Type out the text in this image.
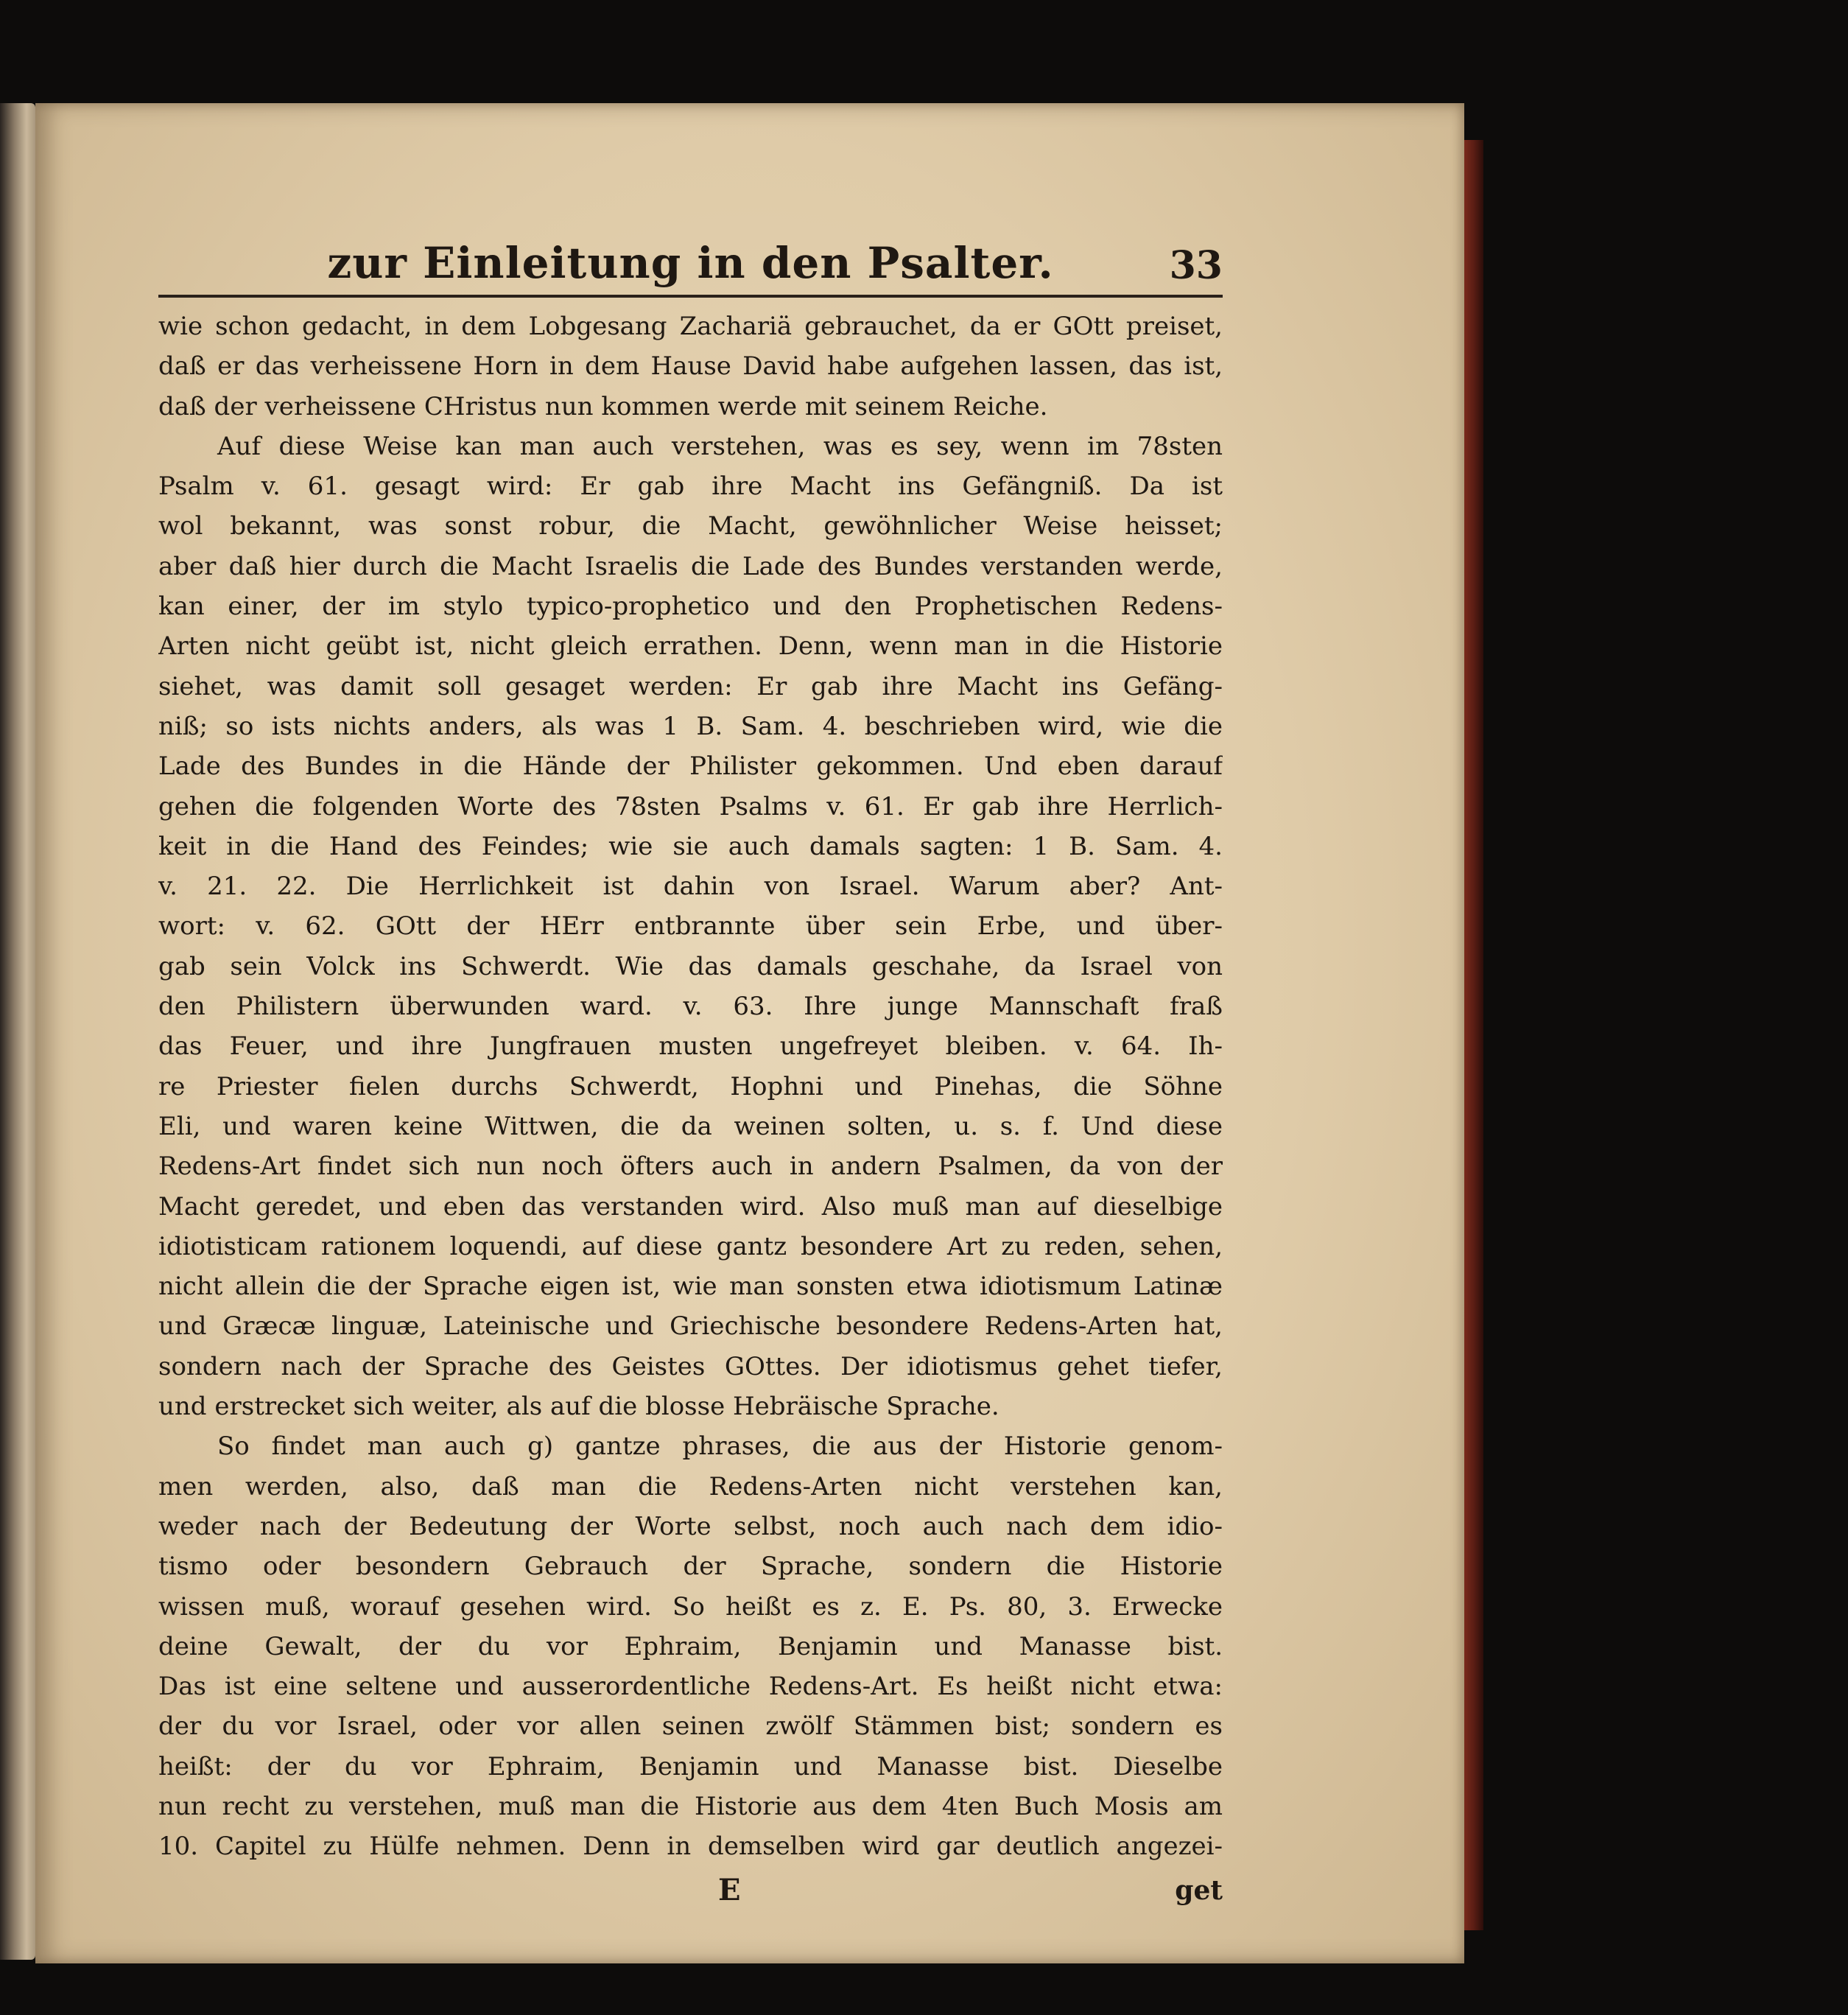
zur Einleitung in den Psalter.	33
wie schon gedacht, in dem Lobgesang Zachariä gebrauchet, da er GOtt preiset,
daß er das verheissene Horn in dem Hause David habe aufgehen lassen, das ist,
daß der verheissene CHristus nun kommen werde mit seinem Reiche.
Auf diese Weise kan man auch verstehen, was es sey, wenn im 78sten
Psalm v. 61. gesagt wird: Er gab ihre Macht ins Gefängniß. Da ist
wol bekannt, was sonst robur, die Macht, gewöhnlicher Weise heisset;
aber daß hier durch die Macht Israelis die Lade des Bundes verstanden werde,
kan einer, der im stylo typico-prophetico und den Prophetischen Redens-
Arten nicht geübt ist, nicht gleich errathen. Denn, wenn man in die Historie
siehet, was damit soll gesaget werden: Er gab ihre Macht ins Gefäng-
niß; so ists nichts anders, als was 1 B. Sam. 4. beschrieben wird, wie die
Lade des Bundes in die Hände der Philister gekommen. Und eben darauf
gehen die folgenden Worte des 78sten Psalms v. 61. Er gab ihre Herrlich-
keit in die Hand des Feindes; wie sie auch damals sagten: 1 B. Sam. 4.
v. 21. 22. Die Herrlichkeit ist dahin von Israel. Warum aber? Ant-
wort: v. 62. GOtt der HErr entbrannte über sein Erbe, und über-
gab sein Volck ins Schwerdt. Wie das damals geschahe, da Israel von
den Philistern überwunden ward. v. 63. Ihre junge Mannschaft fraß
das Feuer, und ihre Jungfrauen musten ungefreyet bleiben. v. 64. Ih-
re Priester fielen durchs Schwerdt, Hophni und Pinehas, die Söhne
Eli, und waren keine Wittwen, die da weinen solten, u. s. f. Und diese
Redens-Art findet sich nun noch öfters auch in andern Psalmen, da von der
Macht geredet, und eben das verstanden wird. Also muß man auf dieselbige
idiotisticam rationem loquendi, auf diese gantz besondere Art zu reden, sehen,
nicht allein die der Sprache eigen ist, wie man sonsten etwa idiotismum Latinæ
und Græcæ linguæ, Lateinische und Griechische besondere Redens-Arten hat,
sondern nach der Sprache des Geistes GOttes. Der idiotismus gehet tiefer,
und erstrecket sich weiter, als auf die blosse Hebräische Sprache.
So findet man auch g) gantze phrases, die aus der Historie genom-
men werden, also, daß man die Redens-Arten nicht verstehen kan,
weder nach der Bedeutung der Worte selbst, noch auch nach dem idio-
tismo oder besondern Gebrauch der Sprache, sondern die Historie
wissen muß, worauf gesehen wird. So heißt es z. E. Ps. 80, 3. Erwecke
deine Gewalt, der du vor Ephraim, Benjamin und Manasse bist.
Das ist eine seltene und ausserordentliche Redens-Art. Es heißt nicht etwa:
der du vor Israel, oder vor allen seinen zwölf Stämmen bist; sondern es
heißt: der du vor Ephraim, Benjamin und Manasse bist. Dieselbe
nun recht zu verstehen, muß man die Historie aus dem 4ten Buch Mosis am
10. Capitel zu Hülfe nehmen. Denn in demselben wird gar deutlich angezei-
E	get
